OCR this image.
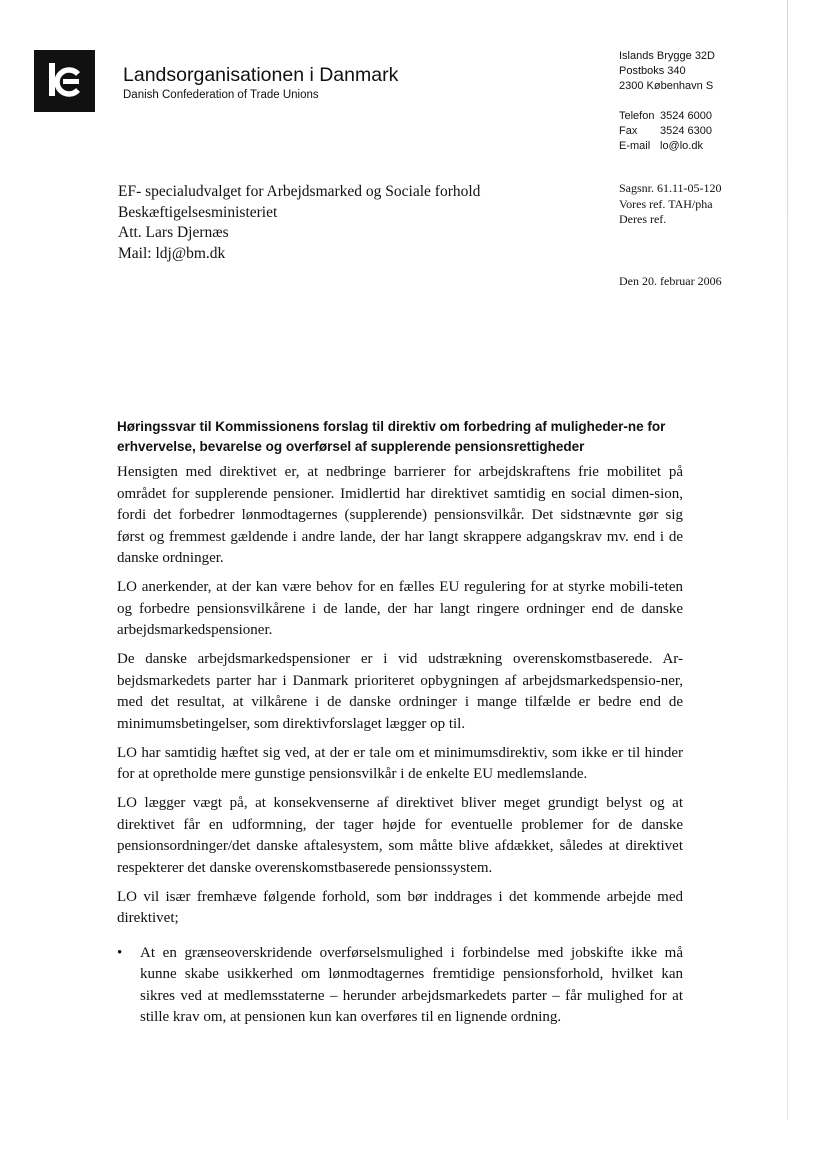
Landsorganisationen i Danmark
Danish Confederation of Trade Unions
Islands Brygge 32D
Postboks 340
2300 København S
Telefon 3524 6000
Fax	3524 6300
E-mail lo@lo.dk
EF- specialudvalget for Arbejdsmarked og Sociale forhold
Beskæftigelsesministeriet
Att. Lars Djernæs
Mail: ldj@bm.dk
Sagsnr. 61.11-05-120
Vores ref. TAH/pha
Deres ref.
Den 20. februar 2006
Høringssvar til Kommissionens forslag til direktiv om forbedring af muligheder-ne for erhvervelse, bevarelse og overførsel af supplerende pensionsrettigheder

Hensigten med direktivet er, at nedbringe barrierer for arbejdskraftens frie mobilitet på området for supplerende pensioner. Imidlertid har direktivet samtidig en social dimen-sion, fordi det forbedrer lønmodtagernes (supplerende) pensionsvilkår. Det sidstnævnte gør sig først og fremmest gældende i andre lande, der har langt skrappere adgangskrav mv. end i de danske ordninger.

LO anerkender, at der kan være behov for en fælles EU regulering for at styrke mobili-teten og forbedre pensionsvilkårene i de lande, der har langt ringere ordninger end de danske arbejdsmarkedspensioner.

De danske arbejdsmarkedspensioner er i vid udstrækning overenskomstbaserede. Ar-bejdsmarkedets parter har i Danmark prioriteret opbygningen af arbejdsmarkedspensio-ner, med det resultat, at vilkårene i de danske ordninger i mange tilfælde er bedre end de minimumsbetingelser, som direktivforslaget lægger op til.

LO har samtidig hæftet sig ved, at der er tale om et minimumsdirektiv, som ikke er til hinder for at opretholde mere gunstige pensionsvilkår i de enkelte EU medlemslande.

LO lægger vægt på, at konsekvenserne af direktivet bliver meget grundigt belyst og at direktivet får en udformning, der tager højde for eventuelle problemer for de danske pensionsordninger/det danske aftalesystem, som måtte blive afdækket, således at direktivet respekterer det danske overenskomstbaserede pensionssystem.

LO vil især fremhæve følgende forhold, som bør inddrages i det kommende arbejde med direktivet;

• At en grænseoverskridende overførselsmulighed i forbindelse med jobskifte ikke må kunne skabe usikkerhed om lønmodtagernes fremtidige pensionsforhold, hvilket kan sikres ved at medlemsstaterne – herunder arbejdsmarkedets parter – får mulighed for at stille krav om, at pensionen kun kan overføres til en lignende ordning.
